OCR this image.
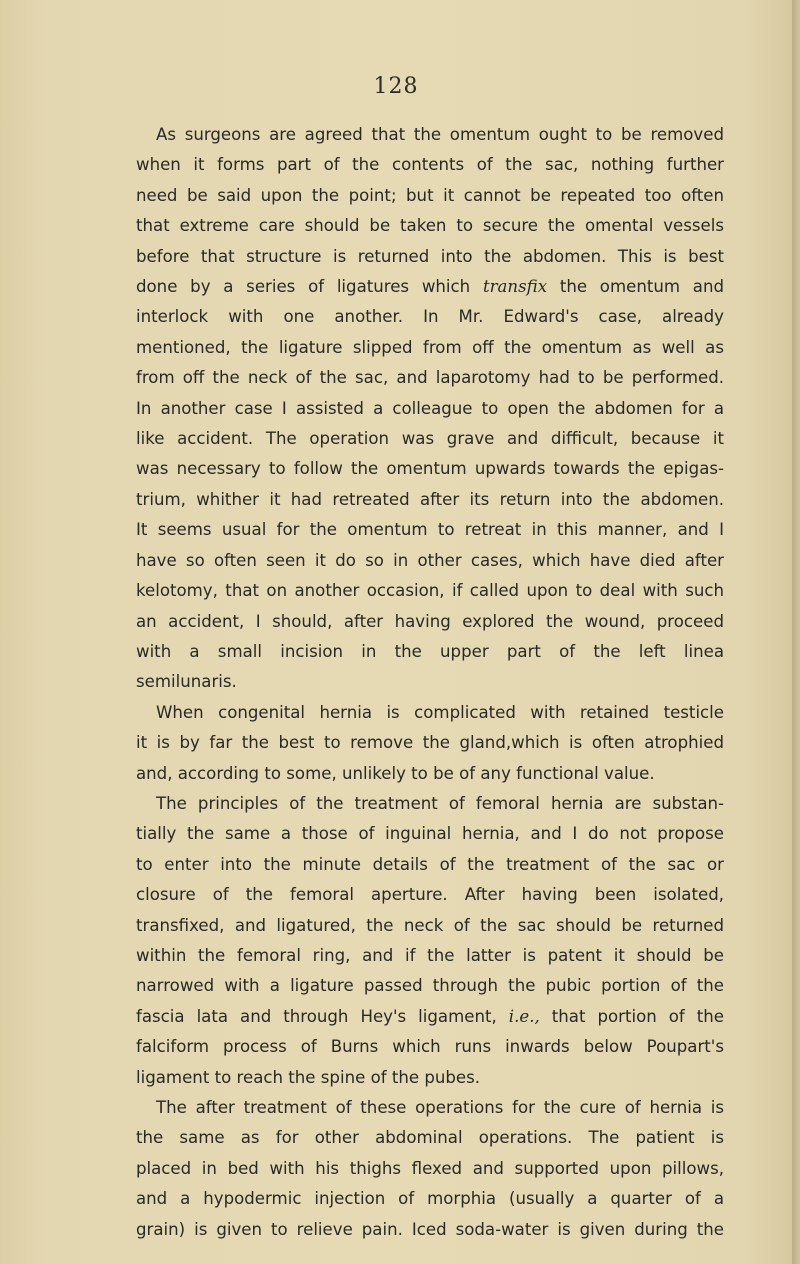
128
As surgeons are agreed that the omentum ought to be removed
when it forms part of the contents of the sac, nothing further
need be said upon the point; but it cannot be repeated too often
that extreme care should be taken to secure the omental vessels
before that structure is returned into the abdomen. This is best
done by a series of ligatures which transfix the omentum and
interlock with one another. In Mr. Edward's case, already
mentioned, the ligature slipped from off the omentum as well as
from off the neck of the sac, and laparotomy had to be performed.
In another case I assisted a colleague to open the abdomen for a
like accident. The operation was grave and difficult, because it
was necessary to follow the omentum upwards towards the epigas-
trium, whither it had retreated after its return into the abdomen.
It seems usual for the omentum to retreat in this manner, and I
have so often seen it do so in other cases, which have died after
kelotomy, that on another occasion, if called upon to deal with such
an accident, I should, after having explored the wound, proceed
with a small incision in the upper part of the left linea
semilunaris.
When congenital hernia is complicated with retained testicle
it is by far the best to remove the gland,which is often atrophied
and, according to some, unlikely to be of any functional value.
The principles of the treatment of femoral hernia are substan-
tially the same a those of inguinal hernia, and I do not propose
to enter into the minute details of the treatment of the sac or
closure of the femoral aperture. After having been isolated,
transfixed, and ligatured, the neck of the sac should be returned
within the femoral ring, and if the latter is patent it should be
narrowed with a ligature passed through the pubic portion of the
fascia lata and through Hey's ligament, i.e., that portion of the
falciform process of Burns which runs inwards below Poupart's
ligament to reach the spine of the pubes.
The after treatment of these operations for the cure of hernia is
the same as for other abdominal operations. The patient is
placed in bed with his thighs flexed and supported upon pillows,
and a hypodermic injection of morphia (usually a quarter of a
grain) is given to relieve pain. Iced soda-water is given during the
